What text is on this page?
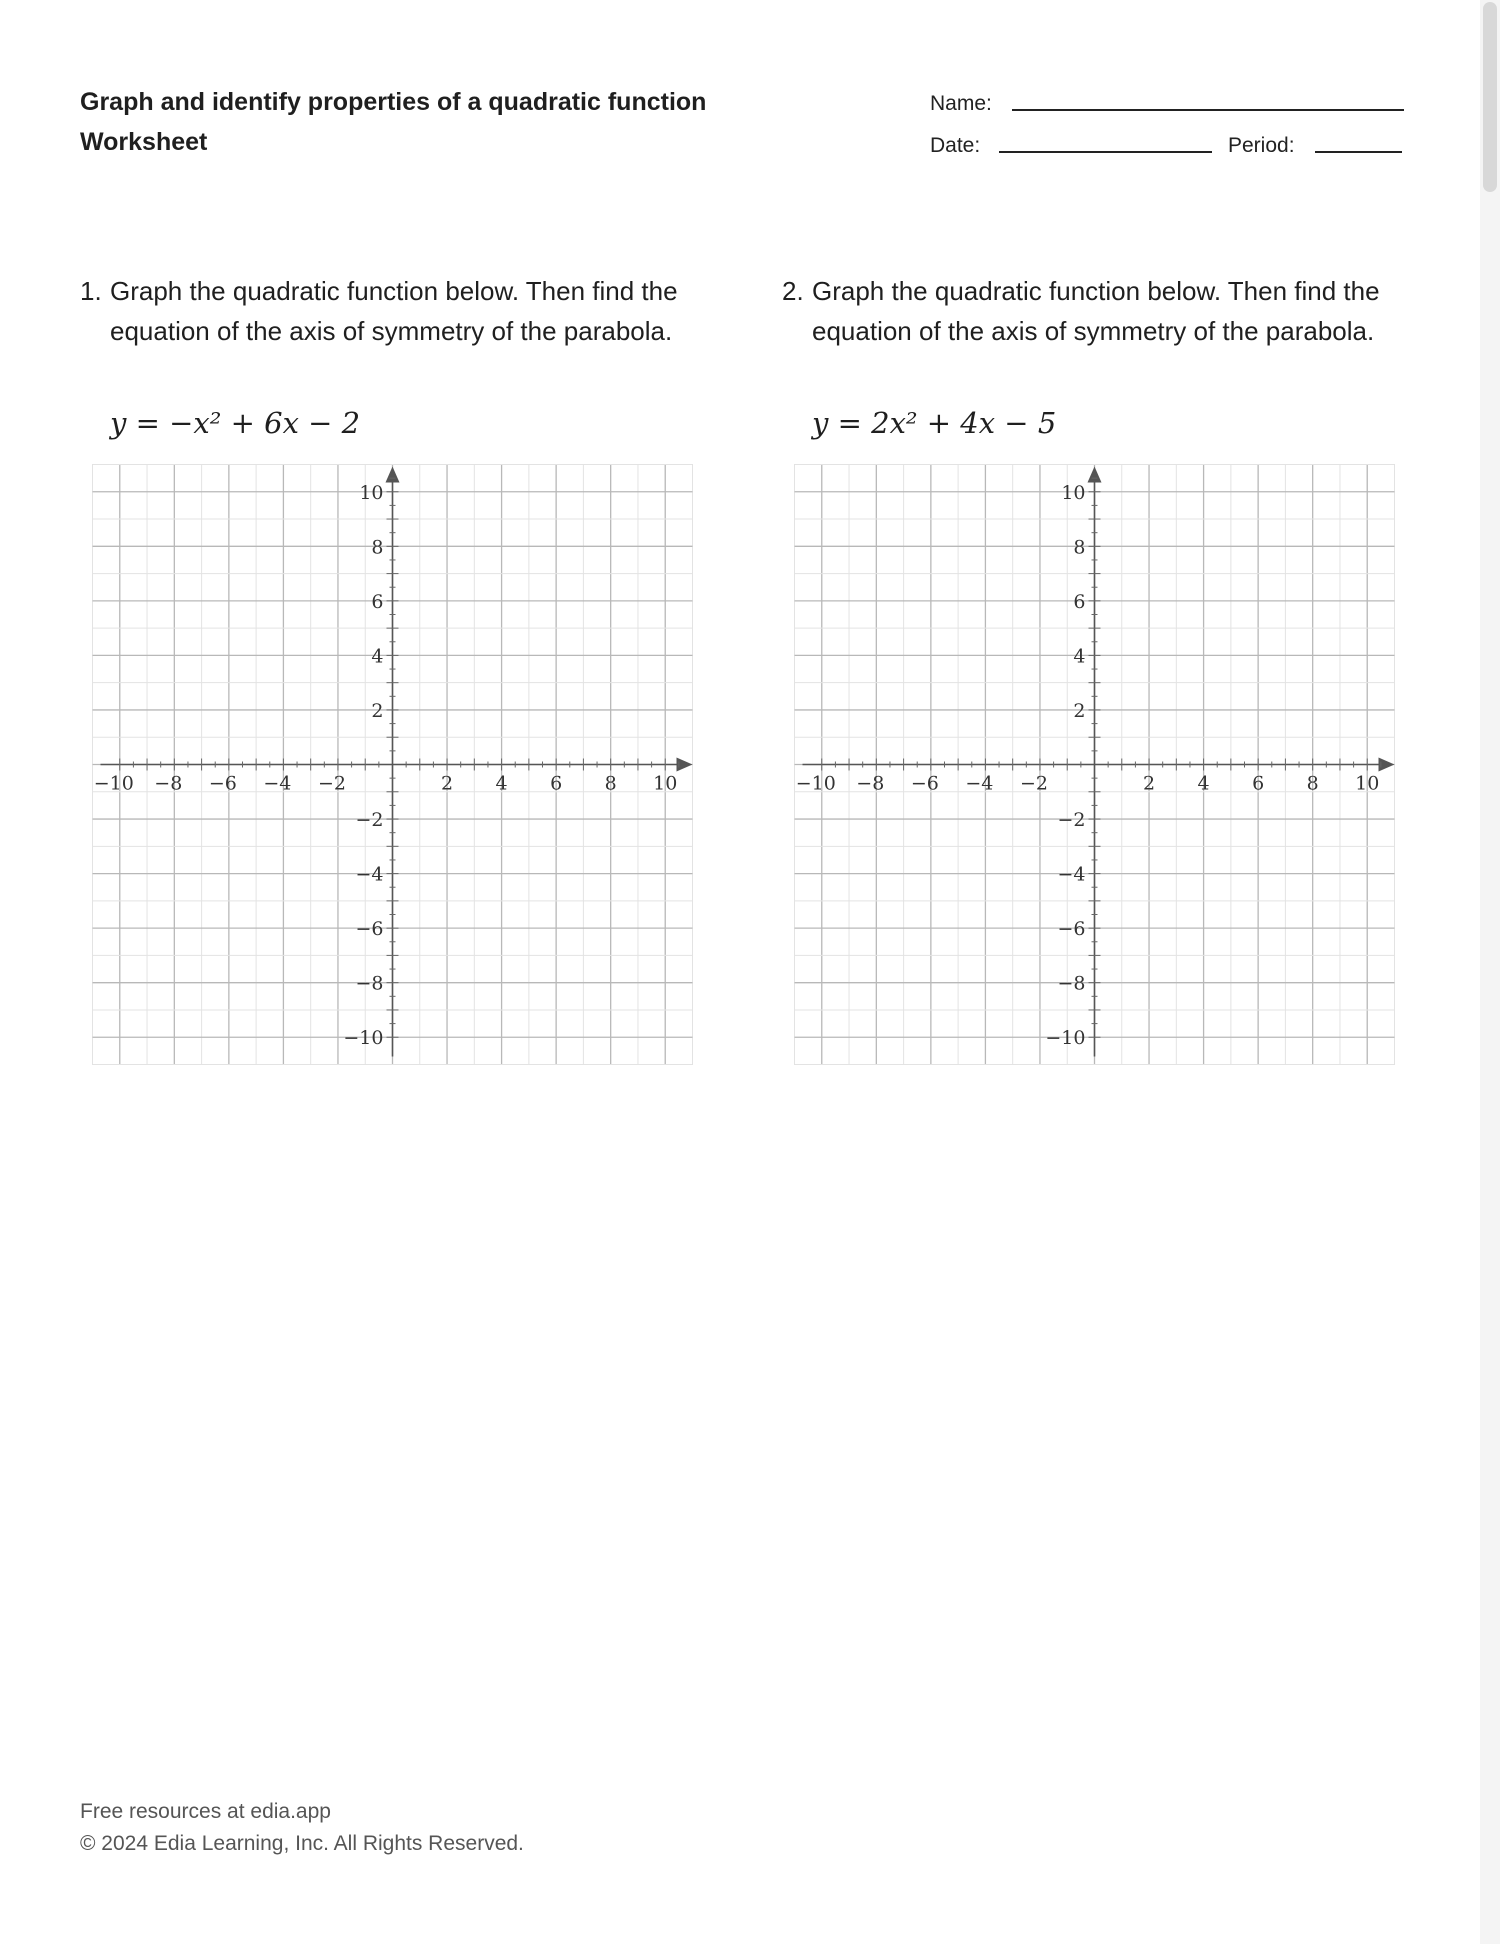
Graph and identify properties of a quadratic function
Worksheet
Name:
Date:	Period:
1. Graph the quadratic function below. Then find the equation of the axis of symmetry of the parabola.
y = −x² + 6x − 2
2. Graph the quadratic function below. Then find the equation of the axis of symmetry of the parabola.
y = 2x² + 4x − 5
−10 −8 −6 −4 −2	2 4 6 8 10
10
8
6
4
2
−2
−4
−6
−8
−10
−10 −8 −6 −4 −2	2 4 6 8 10
10
8
6
4
2
−2
−4
−6
−8
−10
Free resources at edia.app
© 2024 Edia Learning, Inc. All Rights Reserved.
